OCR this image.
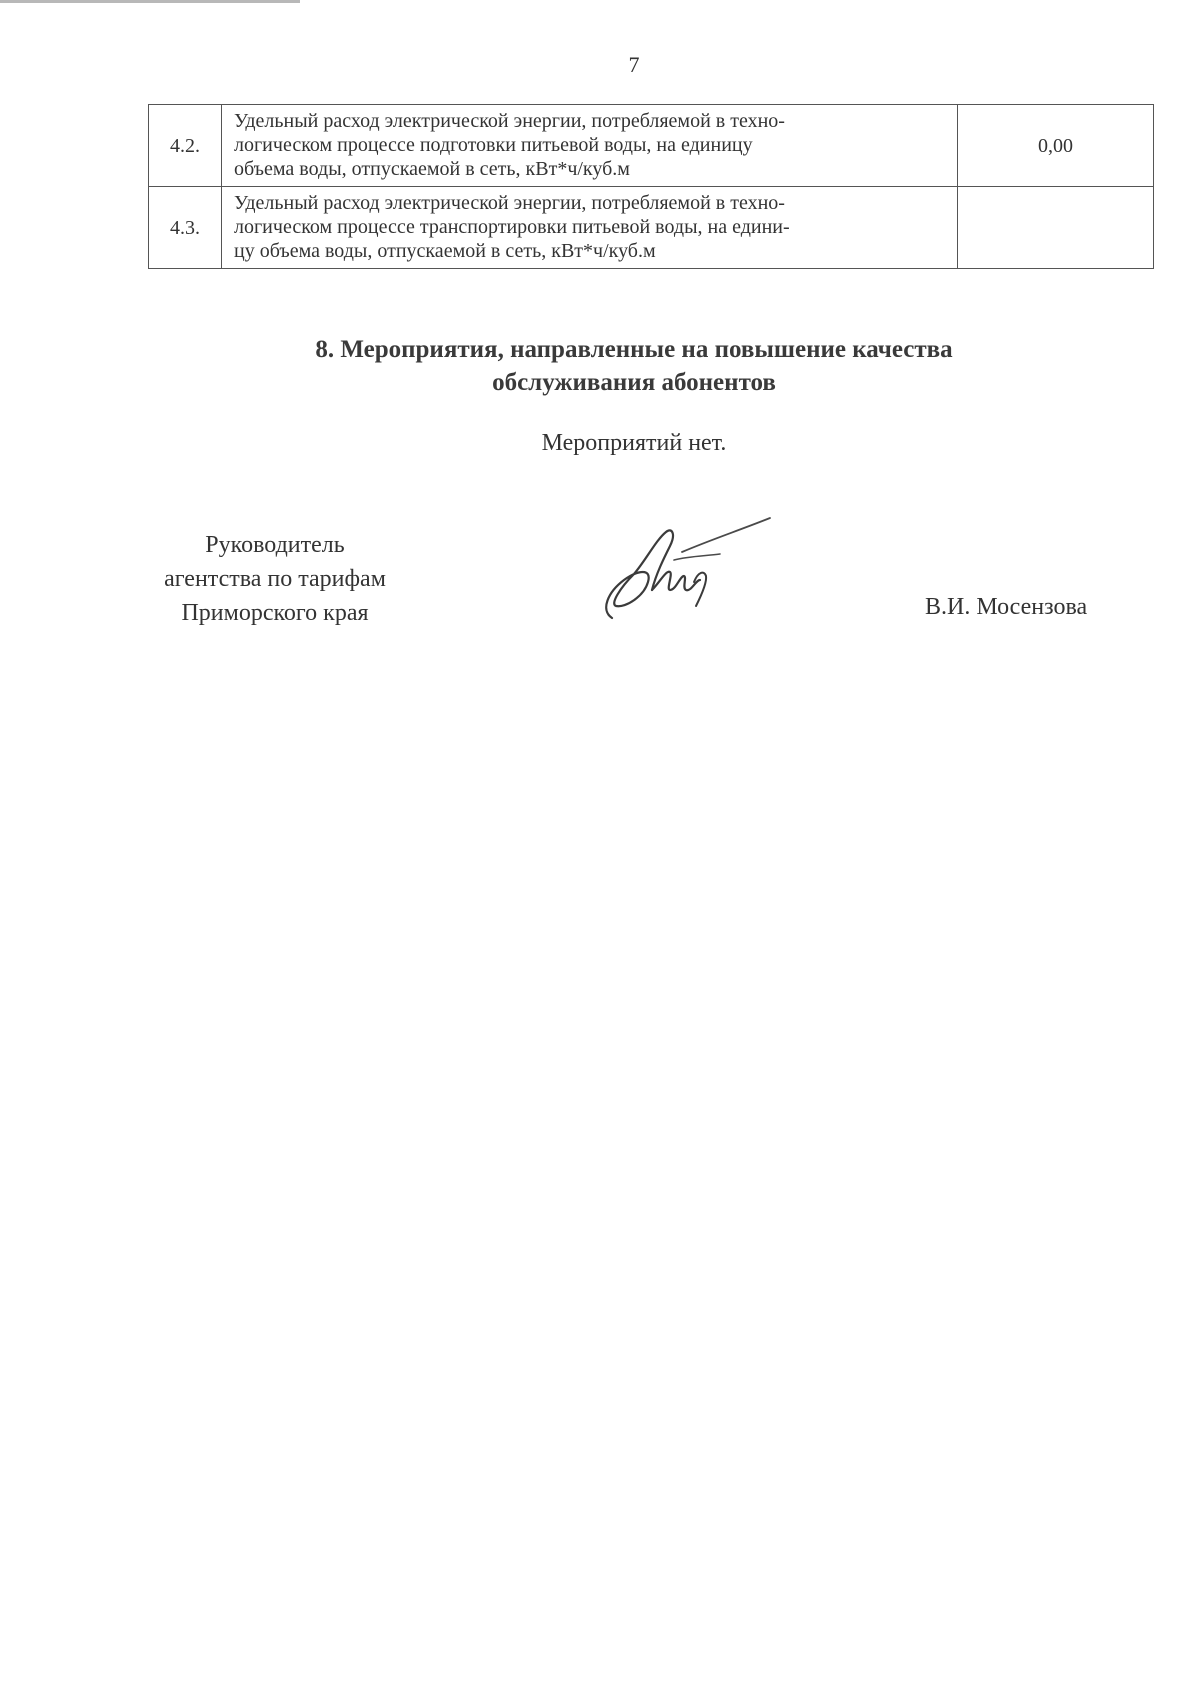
7
4.2.	Удельный расход электрической энергии, потребляемой в техно-
логическом процессе подготовки питьевой воды, на единицу
объема воды, отпускаемой в сеть, кВт*ч/куб.м	0,00
4.3.	Удельный расход электрической энергии, потребляемой в техно-
логическом процессе транспортировки питьевой воды, на едини-
цу объема воды, отпускаемой в сеть, кВт*ч/куб.м	

8. Мероприятия, направленные на повышение качества
обслуживания абонентов
Мероприятий нет.
Руководитель
агентства по тарифам
Приморского края	В.И. Мосензова
